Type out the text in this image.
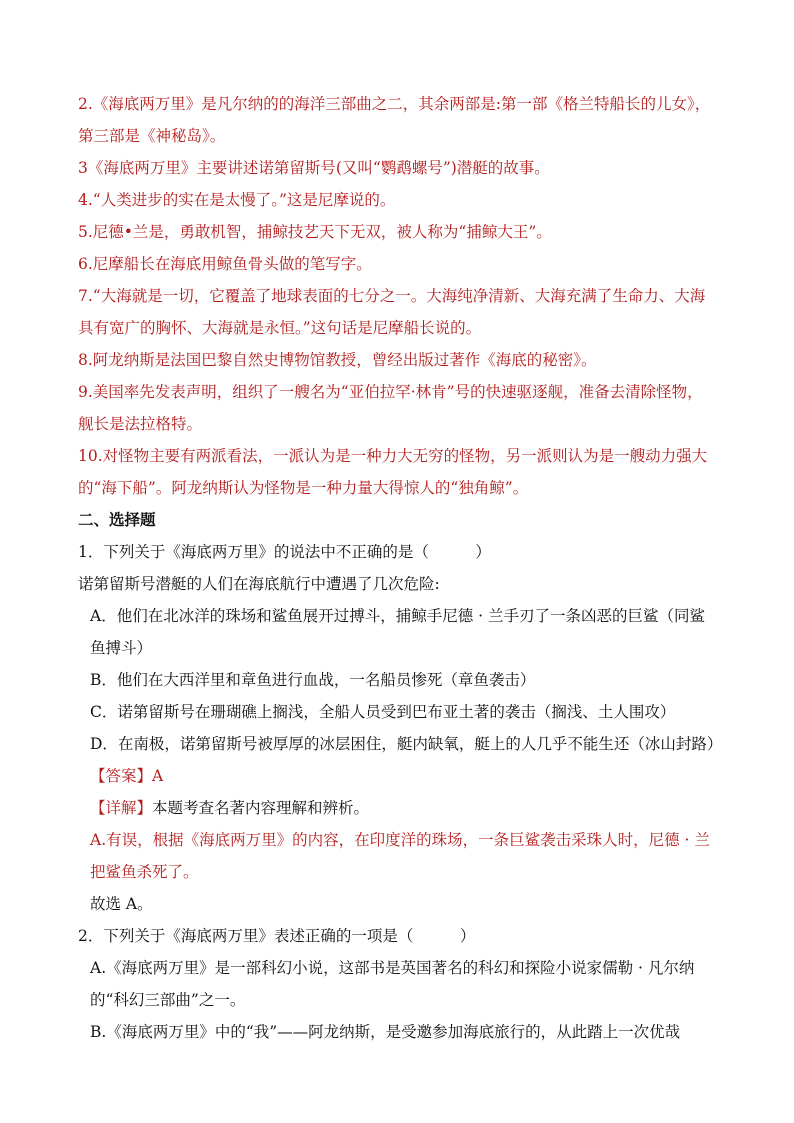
2.《海底两万里》是凡尔纳的的海洋三部曲之二，其余两部是:第一部《格兰特船长的儿女》，
第三部是《神秘岛》。
3《海底两万里》主要讲述诺第留斯号(又叫“鹦鹉螺号”)潜艇的故事。
4.“人类进步的实在是太慢了。”这是尼摩说的。
5.尼德•兰是，勇敢机智，捕鲸技艺天下无双，被人称为“捕鲸大王”。
6.尼摩船长在海底用鲸鱼骨头做的笔写字。
7.“大海就是一切，它覆盖了地球表面的七分之一。大海纯净清新、大海充满了生命力、大海
具有宽广的胸怀、大海就是永恒。”这句话是尼摩船长说的。
8.阿龙纳斯是法国巴黎自然史博物馆教授，曾经出版过著作《海底的秘密》。
9.美国率先发表声明，组织了一艘名为“亚伯拉罕·林肯”号的快速驱逐舰，准备去清除怪物，
舰长是法拉格特。
10.对怪物主要有两派看法，一派认为是一种力大无穷的怪物，另一派则认为是一艘动力强大
的“海下船”。阿龙纳斯认为怪物是一种力量大得惊人的“独角鲸”。
二、选择题
1．下列关于《海底两万里》的说法中不正确的是（　　　）
诺第留斯号潜艇的人们在海底航行中遭遇了几次危险:
A．他们在北冰洋的珠场和鲨鱼展开过搏斗，捕鲸手尼德 · 兰手刃了一条凶恶的巨鲨（同鲨
鱼搏斗）
B．他们在大西洋里和章鱼进行血战，一名船员惨死（章鱼袭击）
C．诺第留斯号在珊瑚礁上搁浅，全船人员受到巴布亚土著的袭击（搁浅、土人围攻）
D．在南极，诺第留斯号被厚厚的冰层困住，艇内缺氧，艇上的人几乎不能生还（冰山封路）
【答案】A
【详解】本题考查名著内容理解和辨析。
A.有误，根据《海底两万里》的内容，在印度洋的珠场，一条巨鲨袭击采珠人时，尼德 · 兰
把鲨鱼杀死了。
故选 A。
2．下列关于《海底两万里》表述正确的一项是（　　　）
A.《海底两万里》是一部科幻小说，这部书是英国著名的科幻和探险小说家儒勒 · 凡尔纳
的“科幻三部曲”之一。
B.《海底两万里》中的“我”——阿龙纳斯，是受邀参加海底旅行的，从此踏上一次优哉
